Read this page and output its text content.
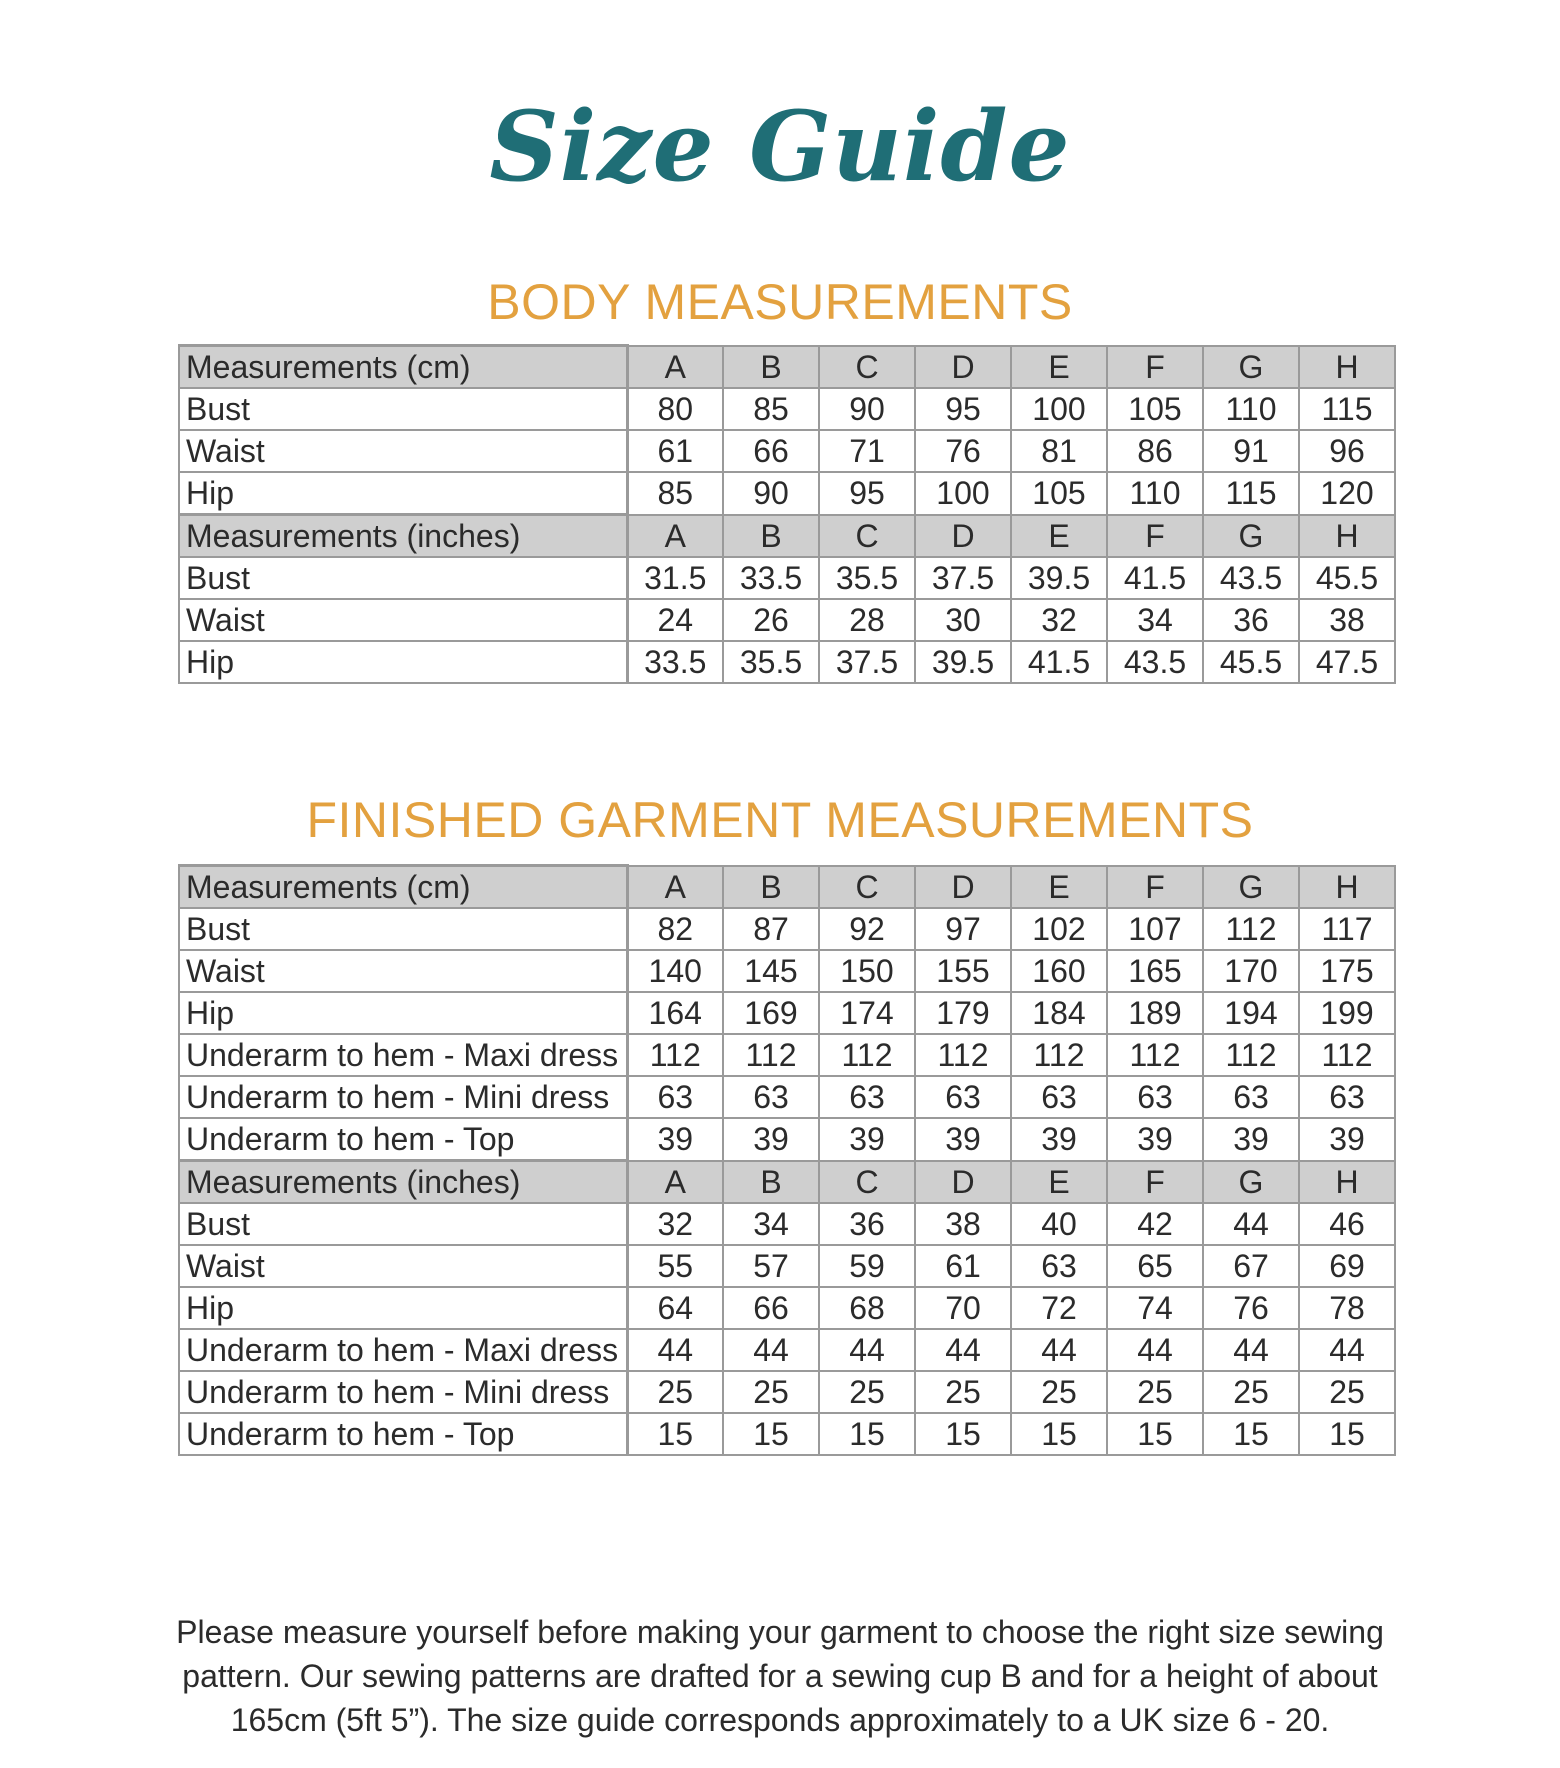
Size Guide
BODY MEASUREMENTS
Measurements (cm)	A	B	C	D	E	F	G	H
Bust	80	85	90	95	100	105	110	115
Waist	61	66	71	76	81	86	91	96
Hip	85	90	95	100	105	110	115	120
Measurements (inches)	A	B	C	D	E	F	G	H
Bust	31.5	33.5	35.5	37.5	39.5	41.5	43.5	45.5
Waist	24	26	28	30	32	34	36	38
Hip	33.5	35.5	37.5	39.5	41.5	43.5	45.5	47.5
FINISHED GARMENT MEASUREMENTS
Measurements (cm)	A	B	C	D	E	F	G	H
Bust	82	87	92	97	102	107	112	117
Waist	140	145	150	155	160	165	170	175
Hip	164	169	174	179	184	189	194	199
Underarm to hem - Maxi dress	112	112	112	112	112	112	112	112
Underarm to hem - Mini dress	63	63	63	63	63	63	63	63
Underarm to hem - Top	39	39	39	39	39	39	39	39
Measurements (inches)	A	B	C	D	E	F	G	H
Bust	32	34	36	38	40	42	44	46
Waist	55	57	59	61	63	65	67	69
Hip	64	66	68	70	72	74	76	78
Underarm to hem - Maxi dress	44	44	44	44	44	44	44	44
Underarm to hem - Mini dress	25	25	25	25	25	25	25	25
Underarm to hem - Top	15	15	15	15	15	15	15	15

Please measure yourself before making your garment to choose the right size sewing pattern. Our sewing patterns are drafted for a sewing cup B and for a height of about 165cm (5ft 5”). The size guide corresponds approximately to a UK size 6 - 20.
